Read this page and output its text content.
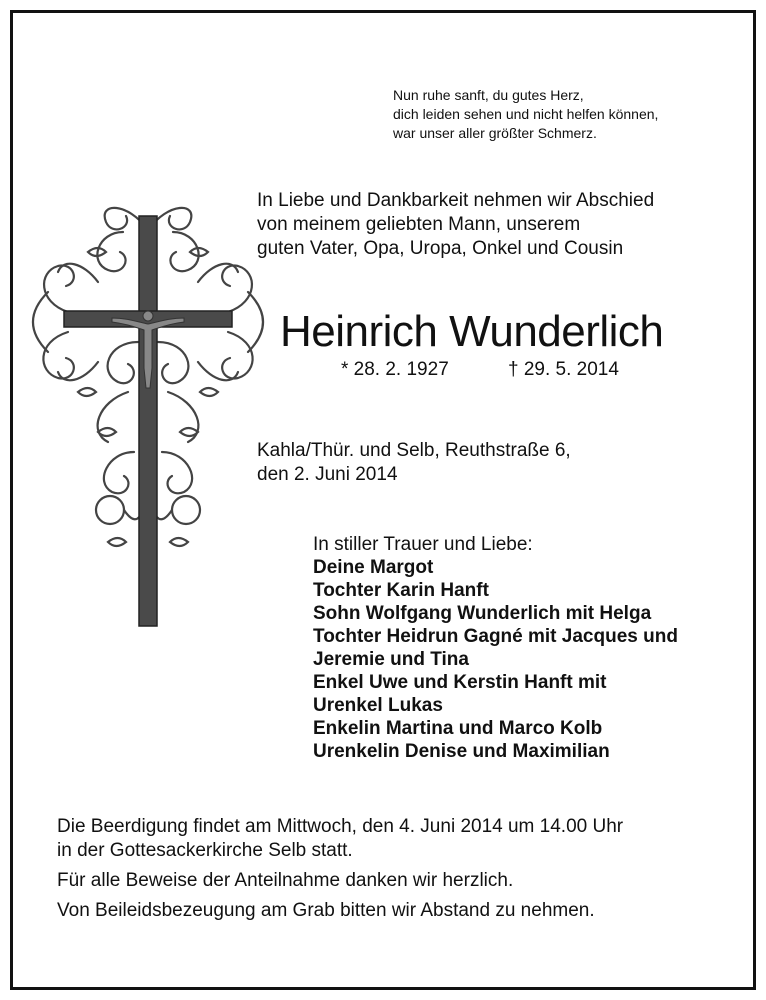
Nun ruhe sanft, du gutes Herz,
dich leiden sehen und nicht helfen können,
war unser aller größter Schmerz.
In Liebe und Dankbarkeit nehmen wir Abschied
von meinem geliebten Mann, unserem
guten Vater, Opa, Uropa, Onkel und Cousin
Heinrich Wunderlich
* 28. 2. 1927	† 29. 5. 2014
Kahla/Thür. und Selb, Reuthstraße 6,
den 2. Juni 2014
In stiller Trauer und Liebe:
Deine Margot
Tochter Karin Hanft
Sohn Wolfgang Wunderlich mit Helga
Tochter Heidrun Gagné mit Jacques und
Jeremie und Tina
Enkel Uwe und Kerstin Hanft mit
Urenkel Lukas
Enkelin Martina und Marco Kolb
Urenkelin Denise und Maximilian

Die Beerdigung findet am Mittwoch, den 4. Juni 2014 um 14.00 Uhr
in der Gottesackerkirche Selb statt.

Für alle Beweise der Anteilnahme danken wir herzlich.

Von Beileidsbezeugung am Grab bitten wir Abstand zu nehmen.
